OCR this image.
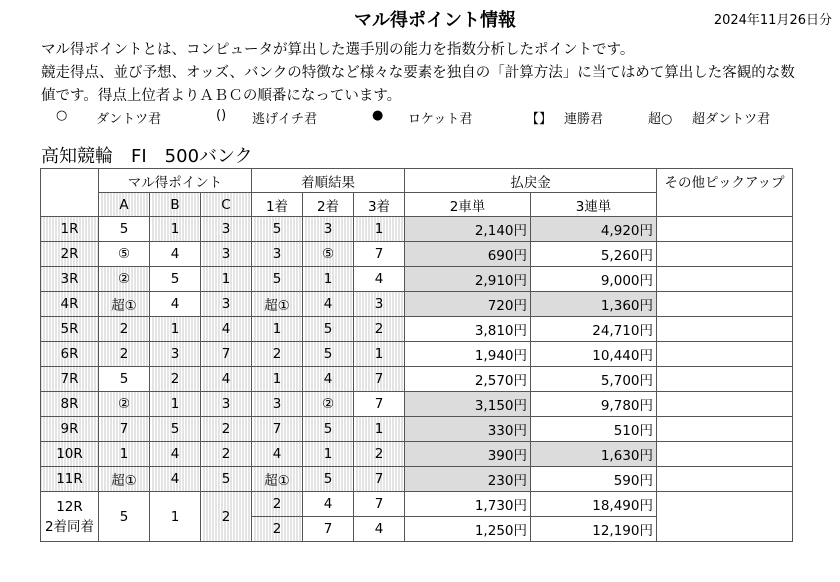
マル得ポイント情報	2024年11月26日分

マル得ポイントとは、コンピュータが算出した選手別の能力を指数分析したポイントです。

競走得点、並び予想、オッズ、バンクの特徴など様々な要素を独自の「計算方法」に当てはめて算出した客観的な数

値です。得点上位者よりＡＢＣの順番になっています。

○ ダントツ君	() 逃げイチ君	● ロケット君	【】 連勝君	超○ 超ダントツ君
高知競輪　FI　500バンク
	マル得ポイント			着順結果			払戻金		その他ピックアップ
	A	B	C	1着	2着	3着	2車単	3連単	
1R	5	1	3	5	3	1	2,140円	4,920円	
2R	⑤	4	3	3	⑤	7	690円	5,260円	
3R	②	5	1	5	1	4	2,910円	9,000円	
4R	超①	4	3	超①	4	3	720円	1,360円	
5R	2	1	4	1	5	2	3,810円	24,710円	
6R	2	3	7	2	5	1	1,940円	10,440円	
7R	5	2	4	1	4	7	2,570円	5,700円	
8R	②	1	3	3	②	7	3,150円	9,780円	
9R	7	5	2	7	5	1	330円	510円	
10R	1	4	2	4	1	2	390円	1,630円	
11R	超①	4	5	超①	5	7	230円	590円	

12R
2着同着	5	1	2	2	4	7	1,730円	18,490円	
				2	7	4	1,250円	12,190円	
